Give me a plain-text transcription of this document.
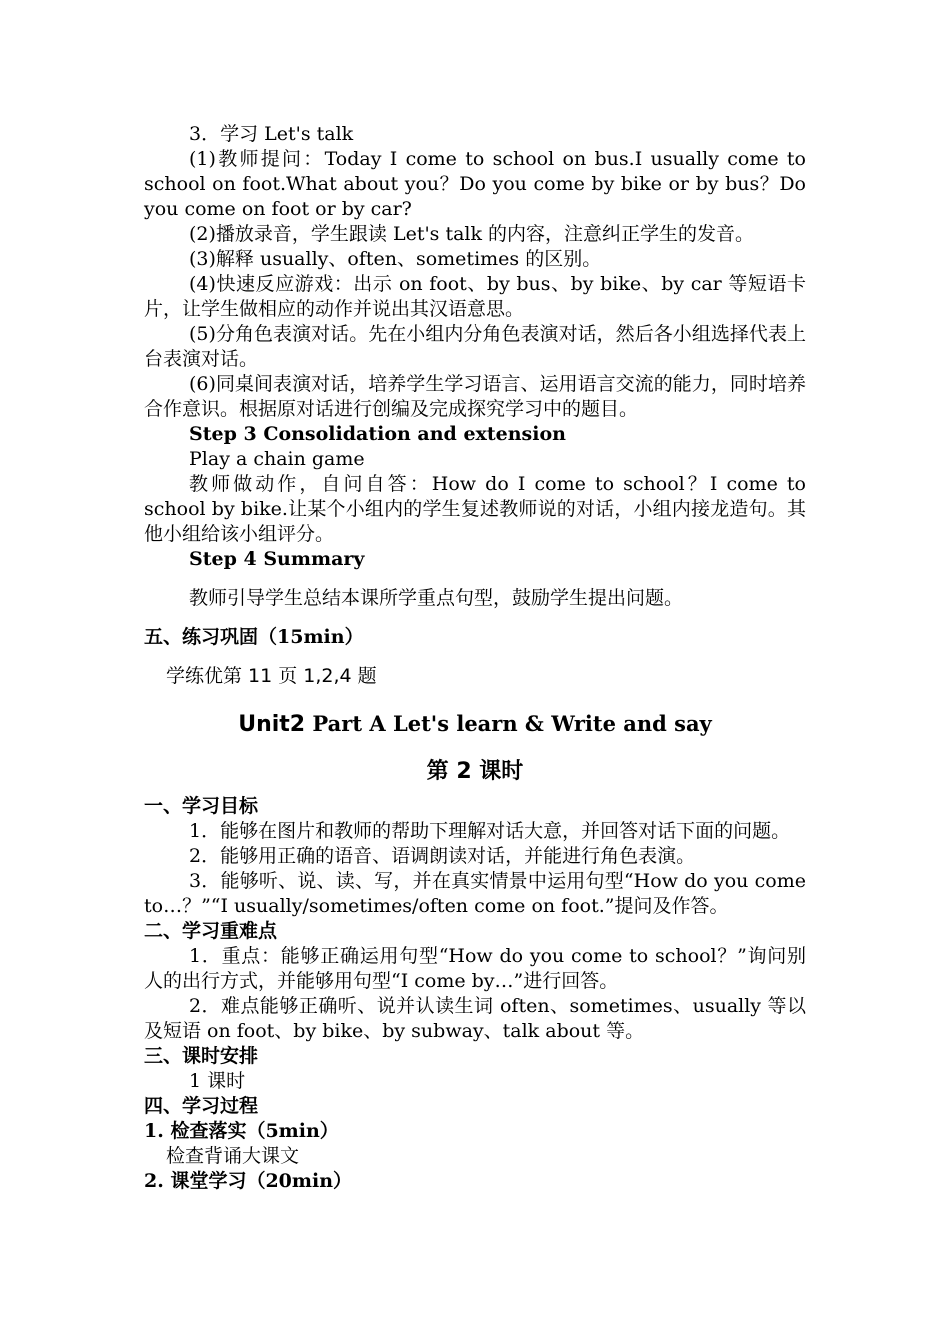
3．学习 Let's talk

(1)教师提问：Today I come to school on bus.I usually come to school on foot.What about you？Do you come by bike or by bus？Do you come on foot or by car?

(2)播放录音，学生跟读 Let's talk 的内容，注意纠正学生的发音。

(3)解释 usually、often、sometimes 的区别。

(4)快速反应游戏：出示 on foot、by bus、by bike、by car 等短语卡片，让学生做相应的动作并说出其汉语意思。

(5)分角色表演对话。先在小组内分角色表演对话，然后各小组选择代表上台表演对话。

(6)同桌间表演对话，培养学生学习语言、运用语言交流的能力，同时培养合作意识。根据原对话进行创编及完成探究学习中的题目。

Step 3 Consolidation and extension

Play a chain game

教师做动作，自问自答：How do I come to school？I come to school by bike.让某个小组内的学生复述教师说的对话，小组内接龙造句。其他小组给该小组评分。

Step 4 Summary

教师引导学生总结本课所学重点句型，鼓励学生提出问题。

五、练习巩固（15min）

学练优第 11 页 1,2,4 题

Unit2 Part A Let's learn & Write and say

第 2 课时

一、学习目标

1．能够在图片和教师的帮助下理解对话大意，并回答对话下面的问题。

2．能够用正确的语音、语调朗读对话，并能进行角色表演。

3．能够听、说、读、写，并在真实情景中运用句型“How do you come to…？”“I usually/sometimes/often come on foot.”提问及作答。

二、学习重难点

1．重点：能够正确运用句型“How do you come to school？”询问别人的出行方式，并能够用句型“I come by…”进行回答。

2．难点能够正确听、说并认读生词 often、sometimes、usually 等以及短语 on foot、by bike、by subway、talk about 等。

三、课时安排

1 课时

四、学习过程

1. 检查落实（5min）

检查背诵大课文

2. 课堂学习（20min）
